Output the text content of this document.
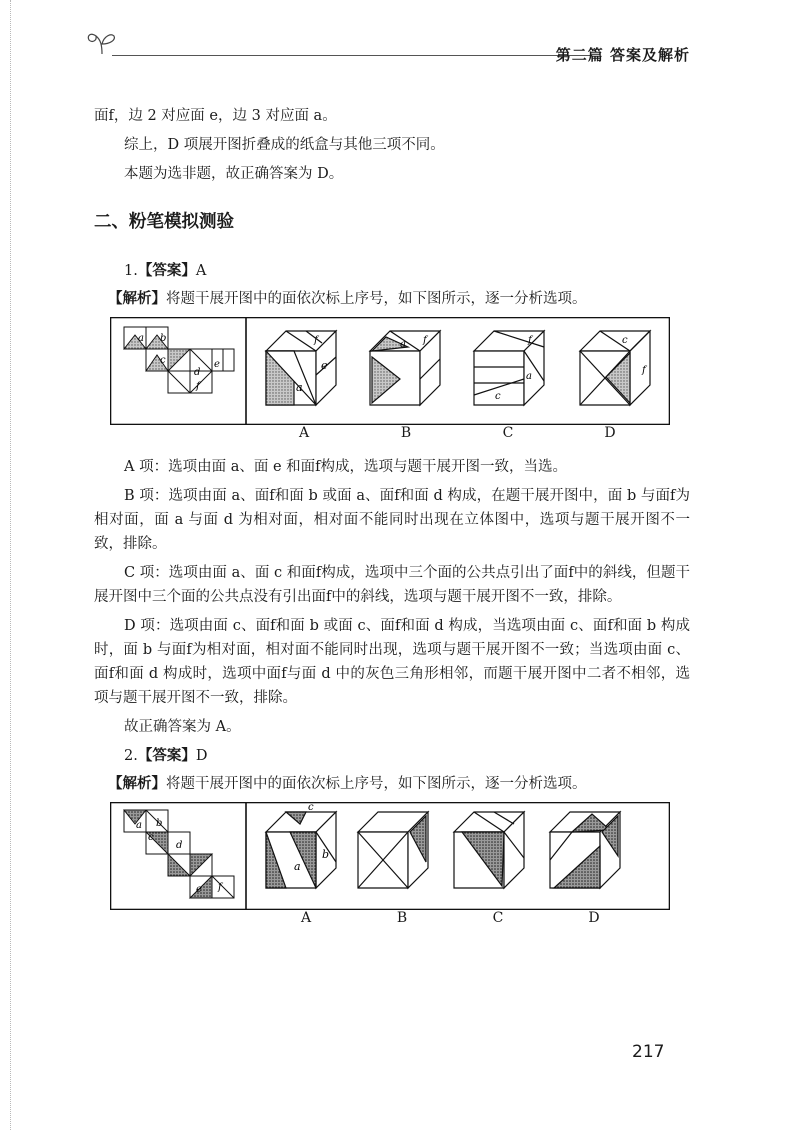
第二篇 答案及解析

面f，边 2 对应面 e，边 3 对应面 a。

综上，D 项展开图折叠成的纸盒与其他三项不同。

本题为选非题，故正确答案为 D。

二、粉笔模拟测验
1.【答案】A
【解析】将题干展开图中的面依次标上序号，如下图所示，逐一分析选项。
a b
c
d
e
f	a
e
f	a f
c
a
f	c
f
A	B	C	D

A 项：选项由面 a、面 e 和面f构成，选项与题干展开图一致，当选。

B 项：选项由面 a、面f和面 b 或面 a、面f和面 d 构成，在题干展开图中，面 b 与面f为相对面，面 a 与面 d 为相对面，相对面不能同时出现在立体图中，选项与题干展开图不一致，排除。

C 项：选项由面 a、面 c 和面f构成，选项中三个面的公共点引出了面f中的斜线，但题干展开图中三个面的公共点没有引出面f中的斜线，选项与题干展开图不一致，排除。

D 项：选项由面 c、面f和面 b 或面 c、面f和面 d 构成，当选项由面 c、面f和面 b 构成时，面 b 与面f为相对面，相对面不能同时出现，选项与题干展开图不一致；当选项由面 c、面f和面 d 构成时，选项中面f与面 d 中的灰色三角形相邻，而题干展开图中二者不相邻，选项与题干展开图不一致，排除。

故正确答案为 A。

2.【答案】D
【解析】将题干展开图中的面依次标上序号，如下图所示，逐一分析选项。
a b
c
d
e f
a
b
c
A	B	C	D
217
